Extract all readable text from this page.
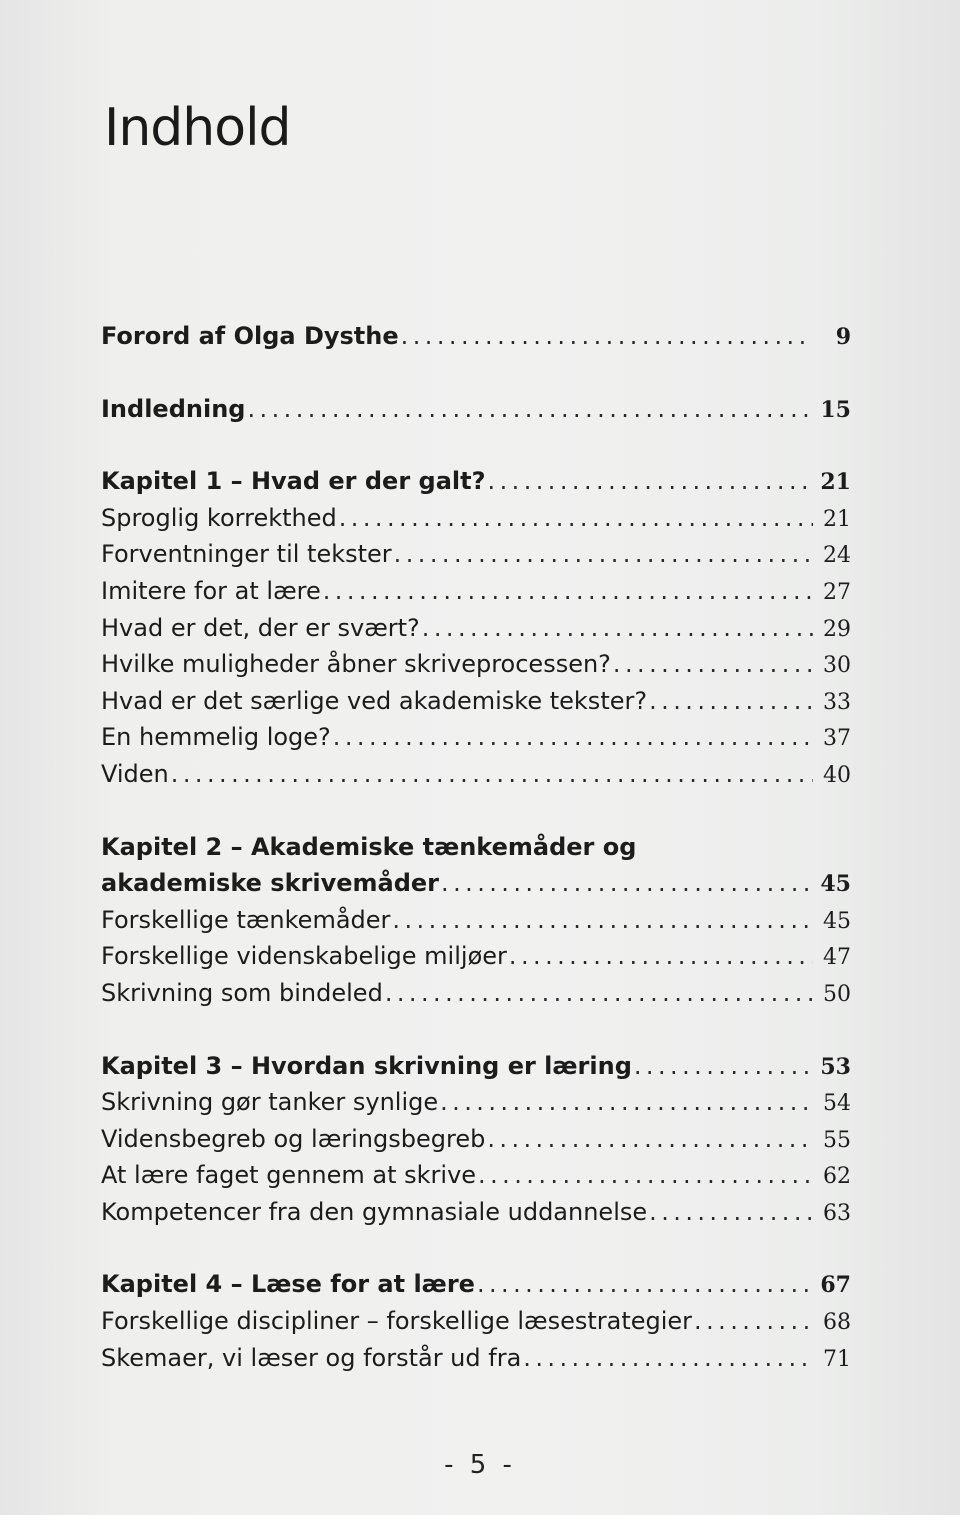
Indhold
Forord af Olga Dysthe . . .	9
Indledning . . .	15
Kapitel 1 – Hvad er der galt? . . .	21
Sproglig korrekthed . . .	21
Forventninger til tekster . . .	24
Imitere for at lære . . .	27
Hvad er det, der er svært? . . .	29
Hvilke muligheder åbner skriveprocessen? . . .	30
Hvad er det særlige ved akademiske tekster? . . .	33
En hemmelig loge? . . .	37
Viden . . .	40
Kapitel 2 – Akademiske tænkemåder og
akademiske skrivemåder . . .	45
Forskellige tænkemåder . . .	45
Forskellige videnskabelige miljøer . . .	47
Skrivning som bindeled . . .	50
Kapitel 3 – Hvordan skrivning er læring . . .	53
Skrivning gør tanker synlige . . .	54
Vidensbegreb og læringsbegreb . . .	55
At lære faget gennem at skrive . . .	62
Kompetencer fra den gymnasiale uddannelse . . .	63
Kapitel 4 – Læse for at lære . . .	67
Forskellige discipliner – forskellige læsestrategier . . .	68
Skemaer, vi læser og forstår ud fra . . .	71
- 5 -
